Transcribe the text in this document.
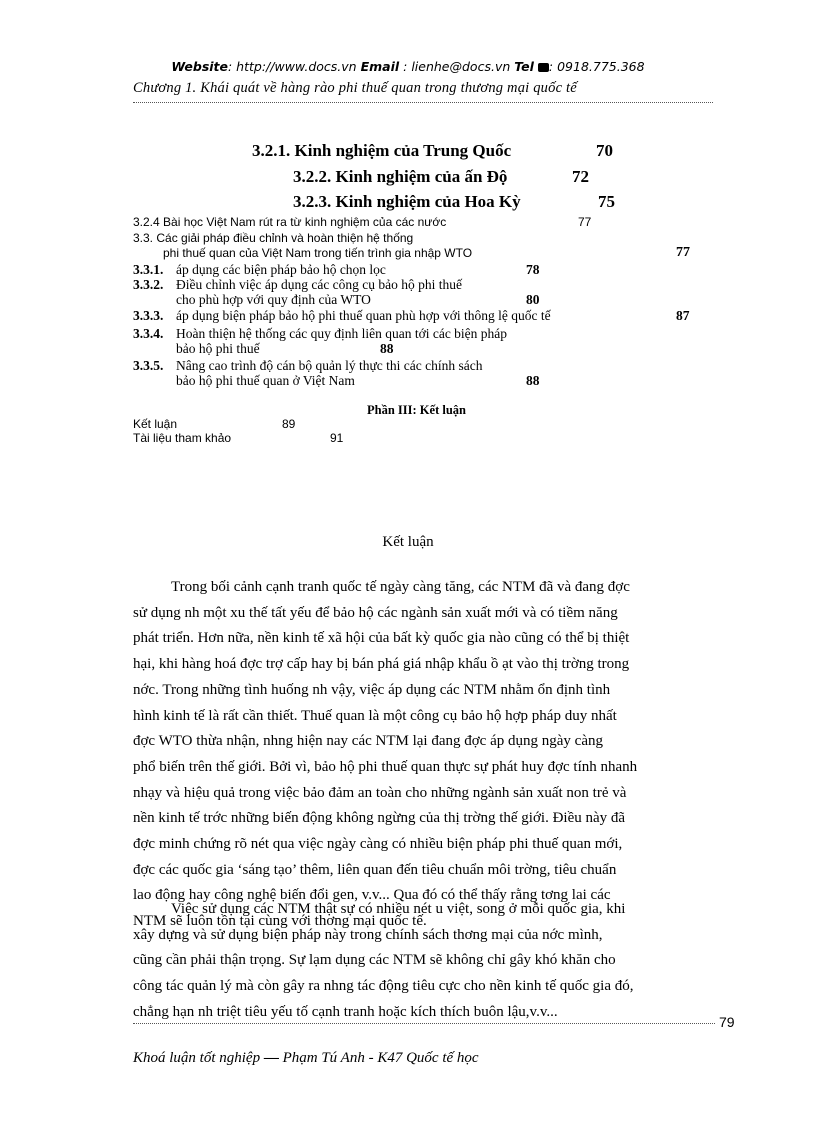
Website: http://www.docs.vn Email : lienhe@docs.vn Tel : 0918.775.368
Chương 1. Khái quát về hàng rào phi thuế quan trong thương mại quốc tế
3.2.1. Kinh nghiệm của Trung Quốc	70
3.2.2. Kinh nghiệm của ấn Độ	72
3.2.3. Kinh nghiệm của Hoa Kỳ	75
3.2.4 Bài học Việt Nam rút ra từ kinh nghiệm của các nước	77
3.3. Các giải pháp điều chỉnh và hoàn thiện hệ thống
phi thuế quan của Việt Nam trong tiến trình gia nhập WTO	77
3.3.1. áp dụng các biện pháp bảo hộ chọn lọc	78
3.3.2. Điều chỉnh việc áp dụng các công cụ bảo hộ phi thuế
cho phù hợp với quy định của WTO	80
3.3.3. áp dụng biện pháp bảo hộ phi thuế quan phù hợp với thông lệ quốc tế	87
3.3.4. Hoàn thiện hệ thống các quy định liên quan tới các biện pháp
bảo hộ phi thuế	88
3.3.5. Nâng cao trình độ cán bộ quản lý thực thi các chính sách
bảo hộ phi thuế quan ở Việt Nam	88
Phần III: Kết luận
Kết luận	89
Tài liệu tham khảo	91
Kết luận
Trong bối cảnh cạnh tranh quốc tế ngày càng tăng, các NTM đã và đang đợc
sử dụng nh một xu thế tất yếu để bảo hộ các ngành sản xuất mới và có tiềm năng
phát triển. Hơn nữa, nền kinh tế xã hội của bất kỳ quốc gia nào cũng có thể bị thiệt
hại, khi hàng hoá đợc trợ cấp hay bị bán phá giá nhập khẩu ồ ạt vào thị trờng trong
nớc. Trong những tình huống nh vậy, việc áp dụng các NTM nhằm ổn định tình
hình kinh tế là rất cần thiết. Thuế quan là một công cụ bảo hộ hợp pháp duy nhất
đợc WTO thừa nhận, nhng hiện nay các NTM lại đang đợc áp dụng ngày càng
phổ biến trên thế giới. Bởi vì, bảo hộ phi thuế quan thực sự phát huy đợc tính nhanh
nhạy và hiệu quả trong việc bảo đảm an toàn cho những ngành sản xuất non trẻ và
nền kinh tế trớc những biến động không ngừng của thị trờng thế giới. Điều này đã
đợc minh chứng rõ nét qua việc ngày càng có nhiều biện pháp phi thuế quan mới,
đợc các quốc gia ‘sáng tạo’ thêm, liên quan đến tiêu chuẩn môi trờng, tiêu chuẩn
lao động hay công nghệ biến đổi gen, v.v... Qua đó có thể thấy rằng tơng lai các
NTM sẽ luôn tồn tại cùng với thơng mại quốc tế.
Việc sử dụng các NTM thật sự có nhiều nét u việt, song ở mỗi quốc gia, khi
xây dựng và sử dụng biện pháp này trong chính sách thơng mại của nớc mình,
cũng cần phải thận trọng. Sự lạm dụng các NTM sẽ không chỉ gây khó khăn cho
công tác quản lý mà còn gây ra nhng tác động tiêu cực cho nền kinh tế quốc gia đó,
chẳng hạn nh triệt tiêu yếu tố cạnh tranh hoặc kích thích buôn lậu,v.v...
79
Khoá luận tốt nghiệp — Phạm Tú Anh - K47 Quốc tế học
